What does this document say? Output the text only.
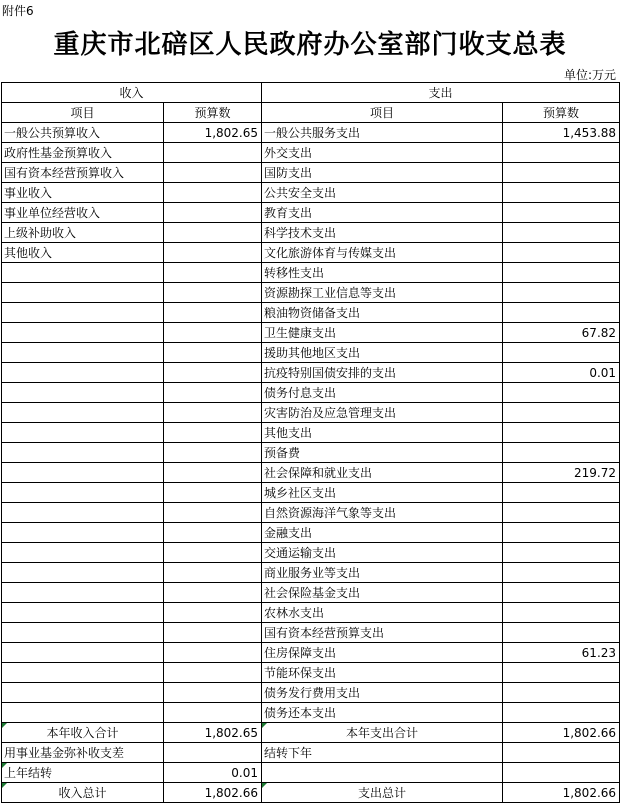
附件6
重庆市北碚区人民政府办公室部门收支总表
单位:万元
收入		支出	
项目	预算数	项目	预算数
一般公共预算收入	1,802.65	一般公共服务支出	1,453.88
政府性基金预算收入		外交支出	
国有资本经营预算收入		国防支出	
事业收入		公共安全支出	
事业单位经营收入		教育支出	
上级补助收入		科学技术支出	
其他收入		文化旅游体育与传媒支出	
		转移性支出	
		资源勘探工业信息等支出	
		粮油物资储备支出	
		卫生健康支出	67.82
		援助其他地区支出	
		抗疫特别国债安排的支出	0.01
		债务付息支出	
		灾害防治及应急管理支出	
		其他支出	
		预备费	
		社会保障和就业支出	219.72
		城乡社区支出	
		自然资源海洋气象等支出	
		金融支出	
		交通运输支出	
		商业服务业等支出	
		社会保险基金支出	
		农林水支出	
		国有资本经营预算支出	
		住房保障支出	61.23
		节能环保支出	
		债务发行费用支出	
		债务还本支出	
本年收入合计	1,802.65	本年支出合计	1,802.66
用事业基金弥补收支差		结转下年	
上年结转	0.01		
收入总计	1,802.66	支出总计	1,802.66
